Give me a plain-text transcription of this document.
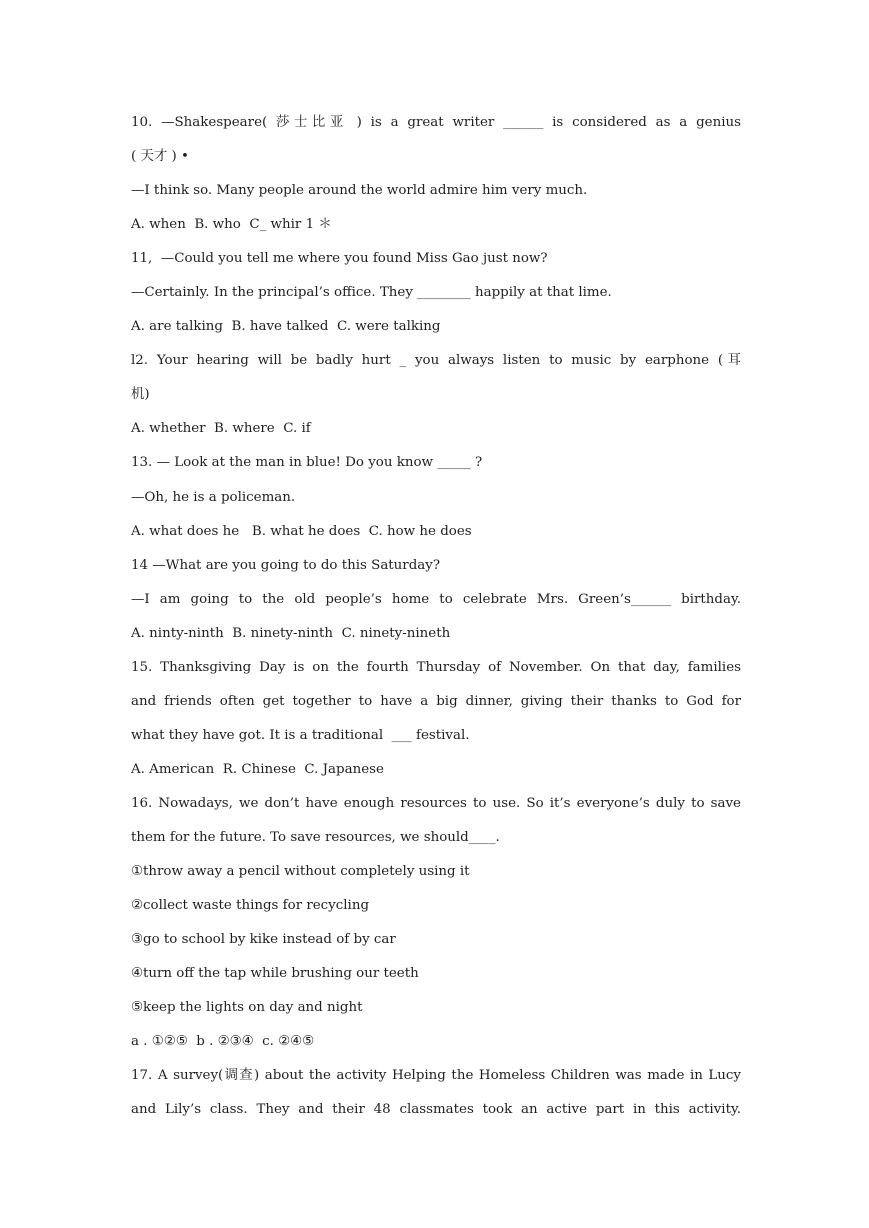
10. —Shakespeare( 莎士比亚 ) is a great writer ______ is considered as a genius
( 天才 ) •
—I think so. Many people around the world admire him very much.
A. when  B. who  C_ whir 1 ＊
11,  —Could you tell me where you found Miss Gao just now?
—Certainly. In the principal’s office. They ________ happily at that lime.
A. are talking  B. have talked  C. were talking
l2. Your hearing will be badly hurt _ you always listen to music by earphone (耳
机)
A. whether  B. where  C. if
13. — Look at the man in blue! Do you know _____ ?
—Oh, he is a policeman.
A. what does he   B. what he does  C. how he does
14 —What are you going to do this Saturday?
—I am going to the old people’s home to celebrate Mrs. Green’s______ birthday.
A. ninty-ninth  B. ninety-ninth  C. ninety-nineth
15. Thanksgiving Day is on the fourth Thursday of November. On that day, families
and friends often get together to have a big dinner, giving their thanks to God for
what they have got. It is a traditional  ___ festival.
A. American  R. Chinese  C. Japanese
16. Nowadays, we don’t have enough resources to use. So it’s everyone’s duly to save
them for the future. To save resources, we should____.
①throw away a pencil without completely using it
②collect waste things for recycling
③go to school by kike instead of by car
④turn off the tap while brushing our teeth
⑤keep the lights on day and night
a . ①②⑤  b . ②③④  c. ②④⑤
17. A survey(调查) about the activity Helping the Homeless Children was made in Lucy
and Lily’s class. They and their 48 classmates took an active part in this activity.
